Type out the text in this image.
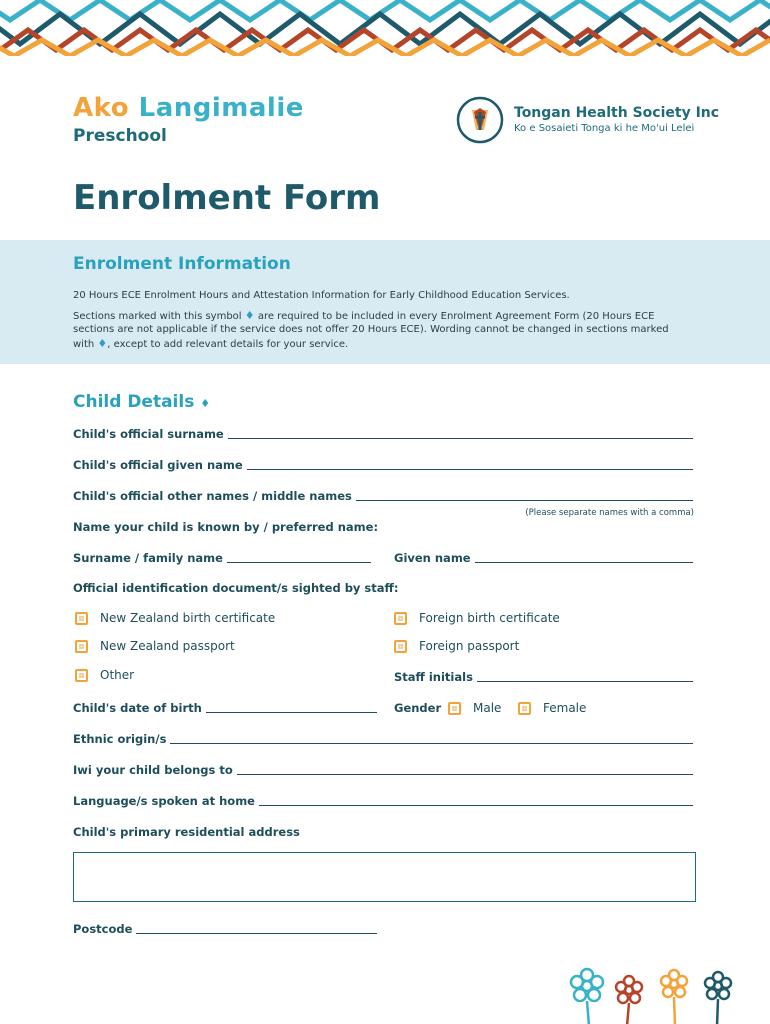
Ako Langimalie
Preschool
Tongan Health Society Inc
Ko e Sosaieti Tonga ki he Mo'ui Lelei
Enrolment Form
Enrolment Information
20 Hours ECE Enrolment Hours and Attestation Information for Early Childhood Education Services.
Sections marked with this symbol ♦ are required to be included in every Enrolment Agreement Form (20 Hours ECE
sections are not applicable if the service does not offer 20 Hours ECE). Wording cannot be changed in sections marked
with ♦, except to add relevant details for your service.
Child Details ♦
Child's official surname
Child's official given name
Child's official other names / middle names
(Please separate names with a comma)
Name your child is known by / preferred name:
Surname / family name	Given name
Official identification document/s sighted by staff:
New Zealand birth certificate	Foreign birth certificate
New Zealand passport	Foreign passport
Other	Staff initials
Child's date of birth	Gender	Male	Female
Ethnic origin/s
Iwi your child belongs to
Language/s spoken at home
Child's primary residential address
Postcode
